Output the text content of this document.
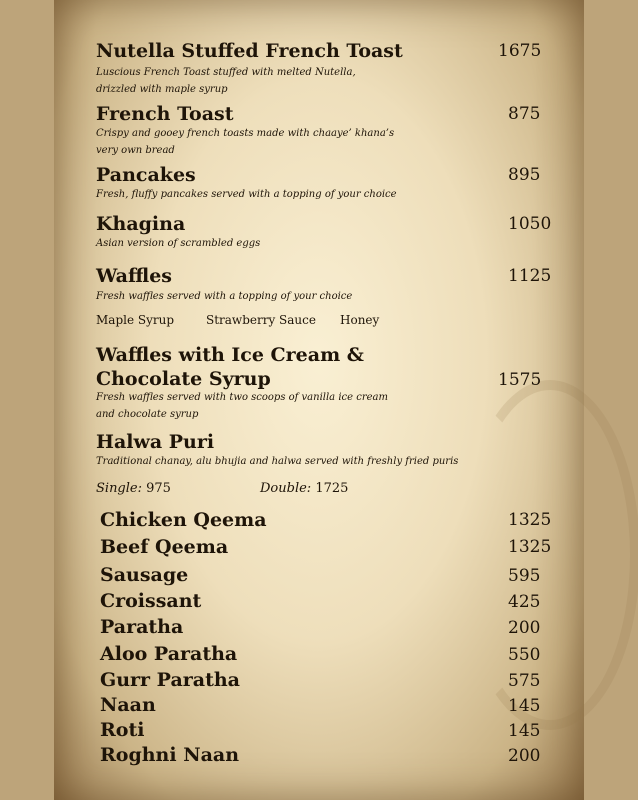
Nutella Stuffed French Toast	1675
Luscious French Toast stuffed with melted Nutella,
drizzled with maple syrup
French Toast	875
Crispy and gooey french toasts made with chaaye’ khana’s
very own bread
Pancakes	895
Fresh, fluffy pancakes served with a topping of your choice
Khagina	1050
Asian version of scrambled eggs
Waffles	1125
Fresh waffles served with a topping of your choice
Maple Syrup	Strawberry Sauce Honey
Waffles with Ice Cream &
Chocolate Syrup	1575
Fresh waffles served with two scoops of vanilla ice cream
and chocolate syrup
Halwa Puri
Traditional chanay, alu bhujia and halwa served with freshly fried puris
Single: 975	Double: 1725
Chicken Qeema	1325
Beef Qeema	1325
Sausage	595
Croissant	425
Paratha	200
Aloo Paratha	550
Gurr Paratha	575
Naan	145
Roti	145
Roghni Naan	200
